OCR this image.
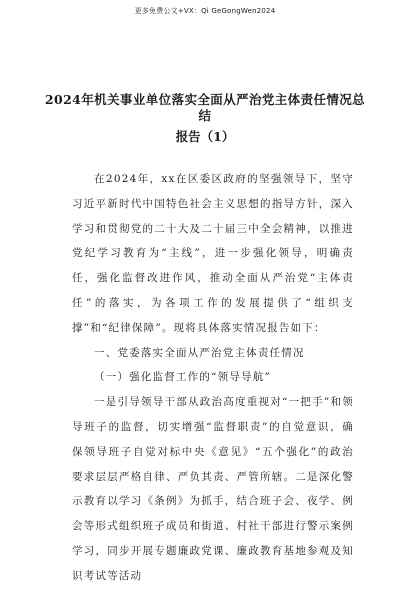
更多免费公文+VX：Qi GeGongWen2024
2024年机关事业单位落实全面从严治党主体责任情况总结
报告（1）

在2024年，xx在区委区政府的坚强领导下，坚守习近平新时代中国特色社会主义思想的指导方针，深入学习和贯彻党的二十大及二十届三中全会精神，以推进党纪学习教育为“主线”，进一步强化领导，明确责任，强化监督改进作风，推动全面从严治党“主体责任”的落实，为各项工作的发展提供了“组织支撑”和“纪律保障”。现将具体落实情况报告如下：

一、党委落实全面从严治党主体责任情况

（一）强化监督工作的“领导导航”

一是引导领导干部从政治高度重视对“一把手”和领导班子的监督，切实增强“监督职责”的自觉意识，确保领导班子自觉对标中央《意见》“五个强化”的政治要求层层严格自律、严负其责、严管所辖。二是深化警示教育以学习《条例》为抓手，结合班子会、夜学、例会等形式组织班子成员和街道、村社干部进行警示案例学习，同步开展专题廉政党课、廉政教育基地参观及知识考试等活动
